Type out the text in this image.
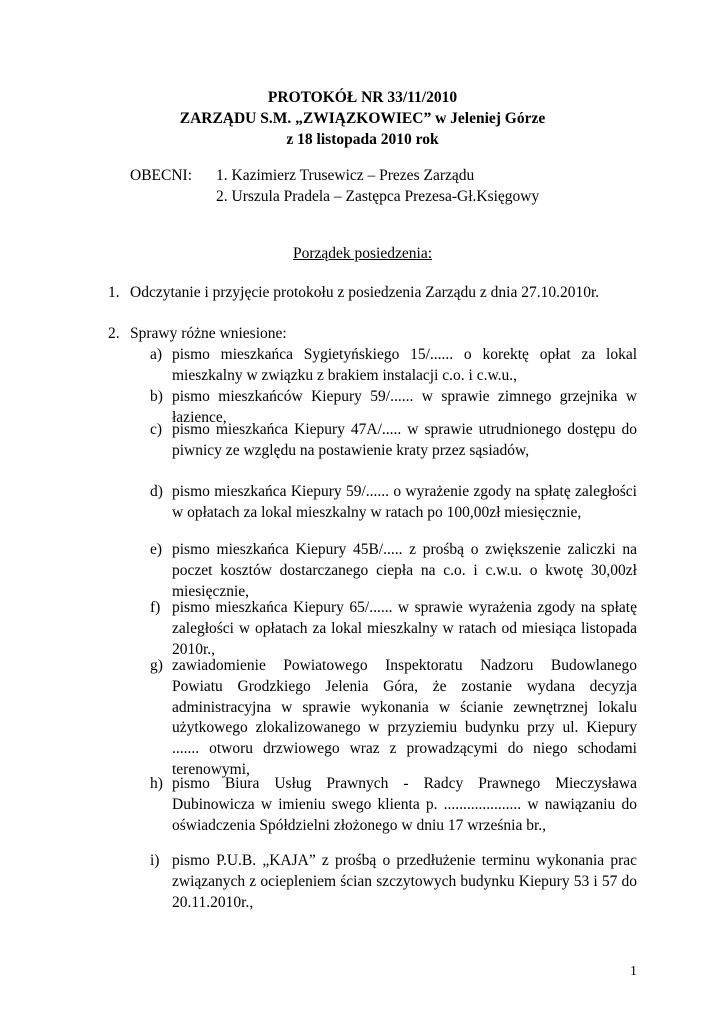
PROTOKÓŁ NR 33/11/2010
ZARZĄDU S.M. „ZWIĄZKOWIEC” w Jeleniej Górze
z 18 listopada 2010 rok
OBECNI: 1. Kazimierz Trusewicz – Prezes Zarządu
2. Urszula Pradela – Zastępca Prezesa-Gł.Księgowy
Porządek posiedzenia:
1. Odczytanie i przyjęcie protokołu z posiedzenia Zarządu z dnia 27.10.2010r.
2. Sprawy różne wniesione:
a) pismo mieszkańca Sygietyńskiego 15/...... o korektę opłat za lokal mieszkalny w związku z brakiem instalacji c.o. i c.w.u.,
b) pismo mieszkańców Kiepury 59/...... w sprawie zimnego grzejnika w łazience,
c) pismo mieszkańca Kiepury 47A/..... w sprawie utrudnionego dostępu do piwnicy ze względu na postawienie kraty przez sąsiadów,
d) pismo mieszkańca Kiepury 59/...... o wyrażenie zgody na spłatę zaległości w opłatach za lokal mieszkalny w ratach po 100,00zł miesięcznie,
e) pismo mieszkańca Kiepury 45B/..... z prośbą o zwiększenie zaliczki na poczet kosztów dostarczanego ciepła na c.o. i c.w.u. o kwotę 30,00zł miesięcznie,
f) pismo mieszkańca Kiepury 65/...... w sprawie wyrażenia zgody na spłatę zaległości w opłatach za lokal mieszkalny w ratach od miesiąca listopada 2010r.,
g) zawiadomienie Powiatowego Inspektoratu Nadzoru Budowlanego Powiatu Grodzkiego Jelenia Góra, że zostanie wydana decyzja administracyjna w sprawie wykonania w ścianie zewnętrznej lokalu użytkowego zlokalizowanego w przyziemiu budynku przy ul. Kiepury ....... otworu drzwiowego wraz z prowadzącymi do niego schodami terenowymi,
h) pismo Biura Usług Prawnych - Radcy Prawnego Mieczysława Dubinowicza w imieniu swego klienta p. .................... w nawiązaniu do oświadczenia Spółdzielni złożonego w dniu 17 września br.,
i) pismo P.U.B. „KAJA” z prośbą o przedłużenie terminu wykonania prac związanych z ociepleniem ścian szczytowych budynku Kiepury 53 i 57 do 20.11.2010r.,
1
